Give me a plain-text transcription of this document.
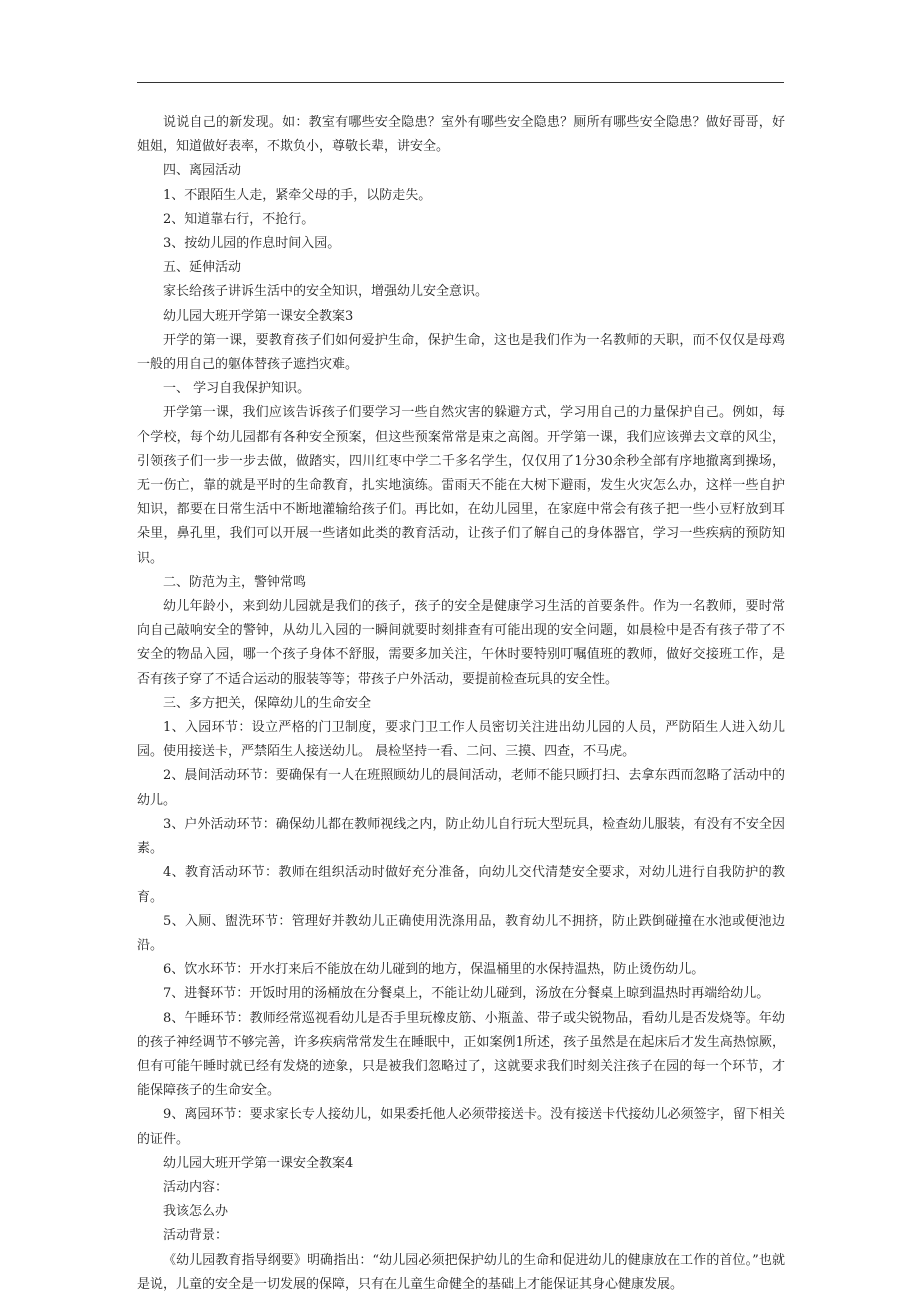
说说自己的新发现。如：教室有哪些安全隐患？室外有哪些安全隐患？厕所有哪些安全隐患？做好哥哥，好姐姐，知道做好表率，不欺负小，尊敬长辈，讲安全。

四、离园活动

1、不跟陌生人走，紧牵父母的手，以防走失。

2、知道靠右行，不抢行。

3、按幼儿园的作息时间入园。

五、延伸活动

家长给孩子讲诉生活中的安全知识，增强幼儿安全意识。

幼儿园大班开学第一课安全教案3

开学的第一课，要教育孩子们如何爱护生命，保护生命，这也是我们作为一名教师的天职，而不仅仅是母鸡一般的用自己的躯体替孩子遮挡灾难。

一、 学习自我保护知识。

开学第一课，我们应该告诉孩子们要学习一些自然灾害的躲避方式，学习用自己的力量保护自己。例如，每个学校，每个幼儿园都有各种安全预案，但这些预案常常是束之高阁。开学第一课，我们应该弹去文章的风尘，引领孩子们一步一步去做，做踏实，四川红枣中学二千多名学生，仅仅用了1分30余秒全部有序地撤离到操场，无一伤亡，靠的就是平时的生命教育，扎实地演练。雷雨天不能在大树下避雨，发生火灾怎么办，这样一些自护知识，都要在日常生活中不断地灌输给孩子们。再比如，在幼儿园里，在家庭中常会有孩子把一些小豆籽放到耳朵里，鼻孔里，我们可以开展一些诸如此类的教育活动，让孩子们了解自己的身体器官，学习一些疾病的预防知识。

二、防范为主，警钟常鸣

幼儿年龄小，来到幼儿园就是我们的孩子，孩子的安全是健康学习生活的首要条件。作为一名教师，要时常向自己敲响安全的警钟，从幼儿入园的一瞬间就要时刻排查有可能出现的安全问题，如晨检中是否有孩子带了不安全的物品入园，哪一个孩子身体不舒服，需要多加关注，午休时要特别叮嘱值班的教师，做好交接班工作，是否有孩子穿了不适合运动的服装等等；带孩子户外活动，要提前检查玩具的安全性。

三、多方把关，保障幼儿的生命安全

1、入园环节：设立严格的门卫制度，要求门卫工作人员密切关注进出幼儿园的人员，严防陌生人进入幼儿园。使用接送卡，严禁陌生人接送幼儿。 晨检坚持一看、二问、三摸、四查，不马虎。

2、晨间活动环节：要确保有一人在班照顾幼儿的晨间活动，老师不能只顾打扫、去拿东西而忽略了活动中的幼儿。

3、户外活动环节：确保幼儿都在教师视线之内，防止幼儿自行玩大型玩具，检查幼儿服装，有没有不安全因素。

4、教育活动环节：教师在组织活动时做好充分准备，向幼儿交代清楚安全要求，对幼儿进行自我防护的教育。

5、入厕、盥洗环节：管理好并教幼儿正确使用洗涤用品，教育幼儿不拥挤，防止跌倒碰撞在水池或便池边沿。

6、饮水环节：开水打来后不能放在幼儿碰到的地方，保温桶里的水保持温热，防止烫伤幼儿。

7、进餐环节：开饭时用的汤桶放在分餐桌上，不能让幼儿碰到，汤放在分餐桌上晾到温热时再端给幼儿。

8、午睡环节：教师经常巡视看幼儿是否手里玩橡皮筋、小瓶盖、带子或尖锐物品，看幼儿是否发烧等。年幼的孩子神经调节不够完善，许多疾病常常发生在睡眠中，正如案例1所述，孩子虽然是在起床后才发生高热惊厥，但有可能午睡时就已经有发烧的迹象，只是被我们忽略过了，这就要求我们时刻关注孩子在园的每一个环节，才能保障孩子的生命安全。

9、离园环节：要求家长专人接幼儿，如果委托他人必须带接送卡。没有接送卡代接幼儿必须签字，留下相关的证件。

幼儿园大班开学第一课安全教案4

活动内容：

我该怎么办

活动背景：

《幼儿园教育指导纲要》明确指出：“幼儿园必须把保护幼儿的生命和促进幼儿的健康放在工作的首位。”也就是说，儿童的安全是一切发展的保障，只有在儿童生命健全的基础上才能保证其身心健康发展。
